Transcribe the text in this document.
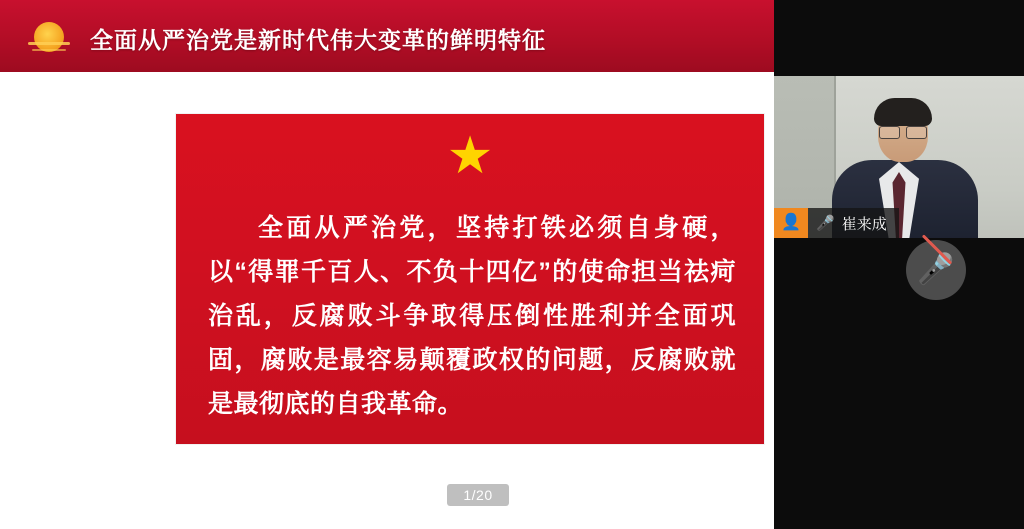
全面从严治党是新时代伟大变革的鲜明特征
★
全面从严治党，坚持打铁必须自身硬，以“得罪千百人、不负十四亿”的使命担当祛疴治乱，反腐败斗争取得压倒性胜利并全面巩固，腐败是最容易颠覆政权的问题，反腐败就是最彻底的自我革命。
1/20
👤 🎤 崔来成
🎤
